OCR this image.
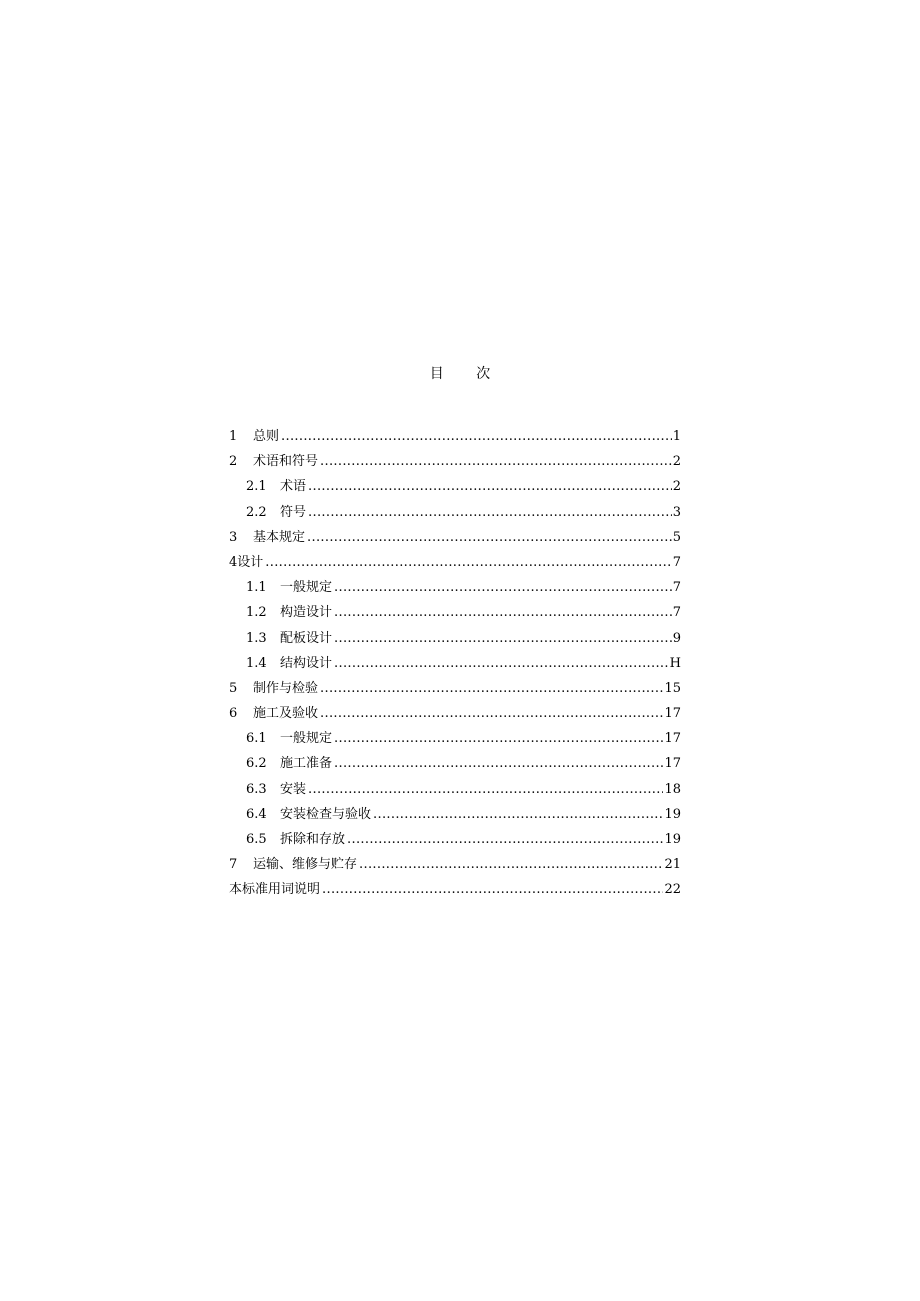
目 次
1	总则 . . .	1
2	术语和符号 . . .	2
2.1	术语 . . .	2
2.2	符号 . . .	3
3	基本规定 . . .	5
4设计 . . .	7
1.1	一般规定 . . .	7
1.2	构造设计 . . .	7
1.3	配板设计 . . .	9
1.4	结构设计 . . .	H
5	制作与检验 . . .	15
6	施工及验收 . . .	17
6.1	一般规定 . . .	17
6.2	施工准备 . . .	17
6.3	安装 . . .	18
6.4	安装检查与验收 . . .	19
6.5	拆除和存放 . . .	19
7	运输、维修与贮存 . . .	21
本标准用词说明 . . .	22
